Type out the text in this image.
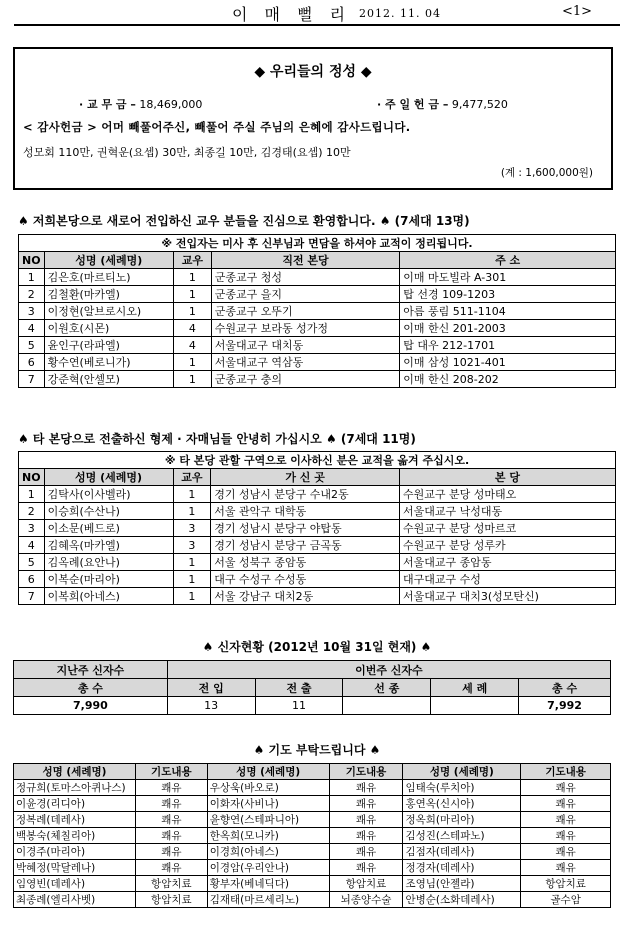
이 매 뻘 리 2012. 11. 04	<1>
◆ 우리들의 정성 ◆
· 교 무 금 – 18,469,000	· 주 일 헌 금 – 9,477,520
< 감사헌금 > 어머 빼풀어주신, 빼풀어 주실 주님의 은혜에 감사드립니다.
성모회 110만, 권혁운(요셉) 30만, 최종길 10만, 김경태(요셉) 10만
(계 : 1,600,000원)
♠ 저희본당으로 새로어 전입하신 교우 분들을 진심으로 환영합니다. ♠ (7세대 13명)
※ 전입자는 미사 후 신부님과 면담을 하셔야 교적이 정리됩니다.				
NO	성명 (세례명)	교우	직전 본당	주 소
1	김은호(마르티노)	1	군종교구 청성	이매 마도빌라 A-301
2	김철환(마카엘)	1	군종교구 을지	탑 선경 109-1203
3	이정현(알브로시오)	1	군종교구 오뚜기	아름 풍림 511-1104
4	이원호(시몬)	4	수원교구 보라동 성가정	이매 한신 201-2003
5	윤인구(라파엘)	4	서울대교구 대치동	탑 대우 212-1701
6	황수연(베로니가)	1	서울대교구 역삼동	이매 삼성 1021-401
7	강준혁(안셀모)	1	군종교구 충의	이매 한신 208-202
♠ 타 본당으로 전출하신 형제 · 자매님들 안녕히 가십시오 ♠ (7세대 11명)
※ 타 본당 관할 구역으로 이사하신 분은 교적을 옮겨 주십시오.				
NO	성명 (세례명)	교우	가 신 곳	본 당
1	김탁사(이사벨라)	1	경기 성남시 분당구 수내2동	수원교구 분당 성마태오
2	이승희(수산나)	1	서울 관악구 대학동	서울대교구 낙성대동
3	이소문(베드로)	3	경기 성남시 분당구 야탑동	수원교구 분당 성마르코
4	김혜옥(마카엘)	3	경기 성남시 분당구 금곡동	수원교구 분당 성루카
5	김옥례(요안나)	1	서울 성북구 종암동	서울대교구 종암동
6	이복순(마리아)	1	대구 수성구 수성동	대구대교구 수성
7	이복희(아네스)	1	서울 강남구 대치2동	서울대교구 대치3(성모탄신)
♠ 신자현황 (2012년 10월 31일 현재) ♠
지난주 신자수	이번주 신자수				
총 수	전 입	전 출	선 종	세 례	총 수
7,990	13	11			7,992
♠ 기도 부탁드립니다 ♠
성명 (세례명)	기도내용	성명 (세례명)	기도내용	성명 (세례명)	기도내용
정규희(토마스아퀴나스)	쾌유	우상욱(바오로)	쾌유	임태숙(루치아)	쾌유
이윤경(리디아)	쾌유	이화자(사비나)	쾌유	홍연옥(신시아)	쾌유
정복례(데레사)	쾌유	윤향연(스테파니아)	쾌유	정옥희(마리아)	쾌유
백봉숙(체칠리아)	쾌유	한옥희(모니카)	쾌유	김성진(스테파노)	쾌유
이경주(마리아)	쾌유	이경희(아네스)	쾌유	김점자(데레사)	쾌유
박혜정(막달레나)	쾌유	이경암(우리안나)	쾌유	정경자(데레사)	쾌유
임영빈(데레사)	항암치료	황부자(베네딕다)	항암치료	조영님(안젤라)	항암치료
최종례(엘리사벳)	항암치료	김재태(마르세리노)	뇌종양수술	안병순(소화데레사)	골수암
